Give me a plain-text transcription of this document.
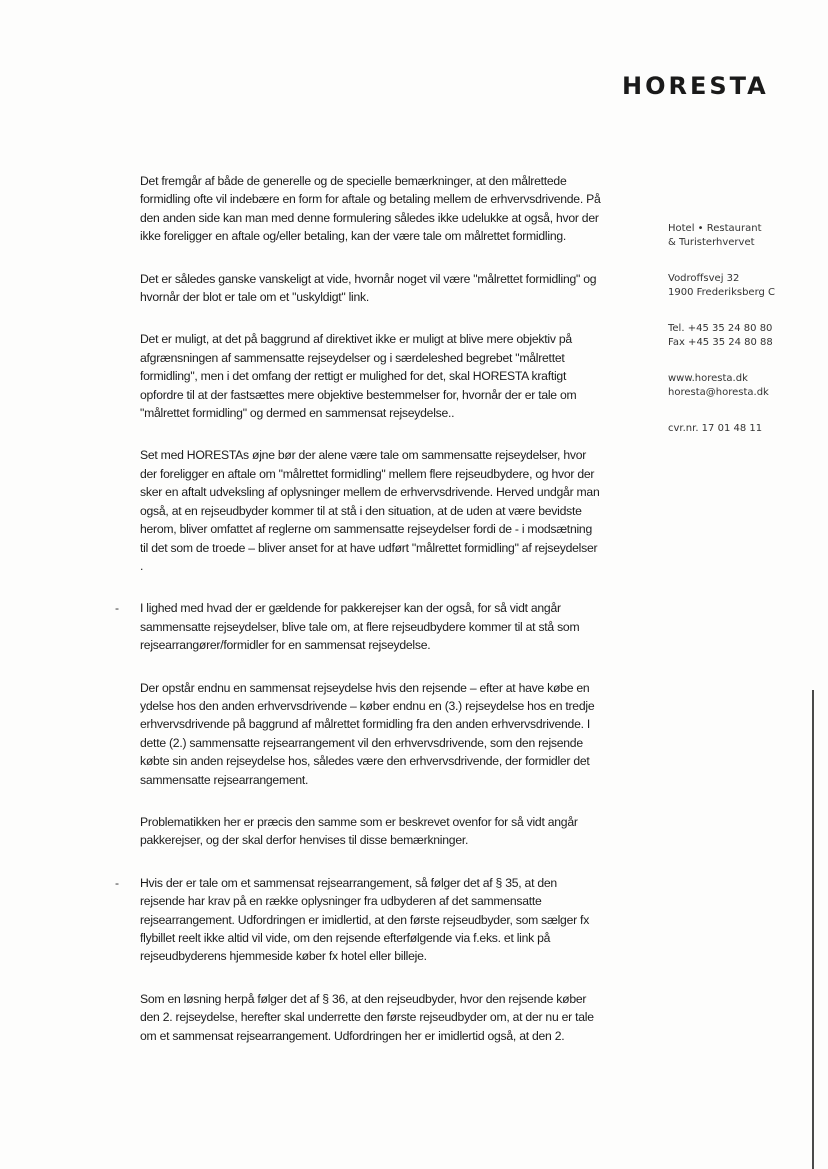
HORESTA
Hotel • Restaurant
& Turisterhvervet
Vodroffsvej 32
1900 Frederiksberg C
Tel. +45 35 24 80 80
Fax +45 35 24 80 88
www.horesta.dk
horesta@horesta.dk
cvr.nr. 17 01 48 11

Det fremgår af både de generelle og de specielle bemærkninger, at den målrettede formidling ofte vil indebære en form for aftale og betaling mellem de erhvervsdrivende. På den anden side kan man med denne formulering således ikke udelukke at også, hvor der ikke foreligger en aftale og/eller betaling, kan der være tale om målrettet formidling.

Det er således ganske vanskeligt at vide, hvornår noget vil være "målrettet formidling" og hvornår der blot er tale om et "uskyldigt" link.

Det er muligt, at det på baggrund af direktivet ikke er muligt at blive mere objektiv på afgrænsningen af sammensatte rejseydelser og i særdeleshed begrebet "målrettet formidling", men i det omfang der rettigt er mulighed for det, skal HORESTA kraftigt opfordre til at der fastsættes mere objektive bestemmelser for, hvornår der er tale om "målrettet formidling" og dermed en sammensat rejseydelse..

Set med HORESTAs øjne bør der alene være tale om sammensatte rejseydelser, hvor der foreligger en aftale om "målrettet formidling" mellem flere rejseudbydere, og hvor der sker en aftalt udveksling af oplysninger mellem de erhvervsdrivende. Herved undgår man også, at en rejseudbyder kommer til at stå i den situation, at de uden at være bevidste herom, bliver omfattet af reglerne om sammensatte rejseydelser fordi de - i modsætning til det som de troede – bliver anset for at have udført "målrettet formidling" af rejseydelser .

- I lighed med hvad der er gældende for pakkerejser kan der også, for så vidt angår sammensatte rejseydelser, blive tale om, at flere rejseudbydere kommer til at stå som rejsearrangører/formidler for en sammensat rejseydelse.

Der opstår endnu en sammensat rejseydelse hvis den rejsende – efter at have købe en ydelse hos den anden erhvervsdrivende – køber endnu en (3.) rejseydelse hos en tredje erhvervsdrivende på baggrund af målrettet formidling fra den anden erhvervsdrivende. I dette (2.) sammensatte rejsearrangement vil den erhvervsdrivende, som den rejsende købte sin anden rejseydelse hos, således være den erhvervsdrivende, der formidler det sammensatte rejsearrangement.

Problematikken her er præcis den samme som er beskrevet ovenfor for så vidt angår pakkerejser, og der skal derfor henvises til disse bemærkninger.

- Hvis der er tale om et sammensat rejsearrangement, så følger det af § 35, at den rejsende har krav på en række oplysninger fra udbyderen af det sammensatte rejsearrangement. Udfordringen er imidlertid, at den første rejseudbyder, som sælger fx flybillet reelt ikke altid vil vide, om den rejsende efterfølgende via f.eks. et link på rejseudbyderens hjemmeside køber fx hotel eller billeje.

Som en løsning herpå følger det af § 36, at den rejseudbyder, hvor den rejsende køber den 2. rejseydelse, herefter skal underrette den første rejseudbyder om, at der nu er tale om et sammensat rejsearrangement. Udfordringen her er imidlertid også, at den 2.
